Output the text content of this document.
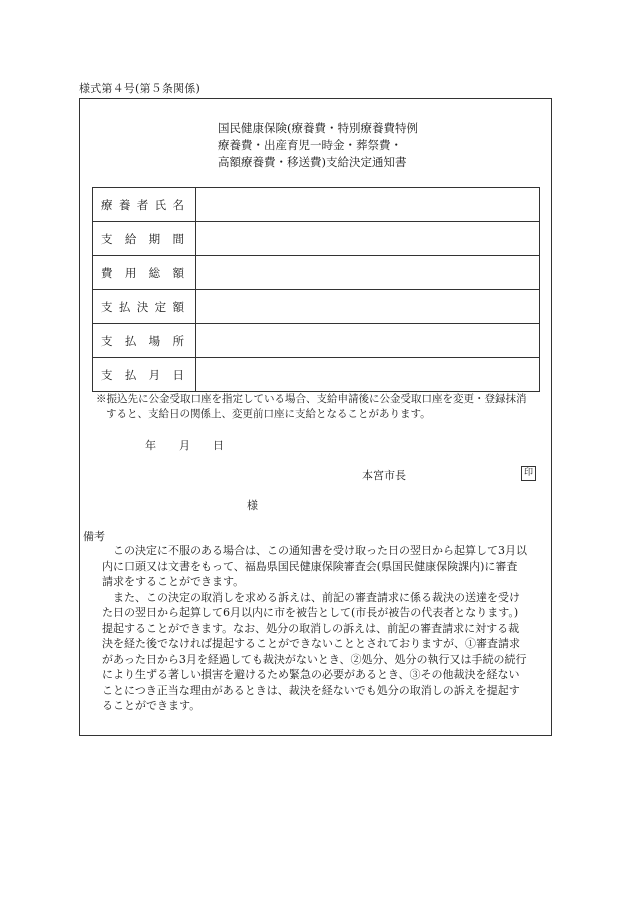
様式第４号(第５条関係)
国民健康保険(療養費・特別療養費特例
療養費・出産育児一時金・葬祭費・
高額療養費・移送費)支給決定通知書
療養者氏名	
支給期間	
費用総額	
支払決定額	
支払場所	
支払月日	
※振込先に公金受取口座を指定している場合、支給申請後に公金受取口座を変更・登録抹消
すると、支給日の関係上、変更前口座に支給となることがあります。
年 月 日
本宮市長	印
様
備考

この決定に不服のある場合は、この通知書を受け取った日の翌日から起算して3月以
内に口頭又は文書をもって、福島県国民健康保険審査会(県国民健康保険課内)に審査
請求をすることができます。

また、この決定の取消しを求める訴えは、前記の審査請求に係る裁決の送達を受け
た日の翌日から起算して6月以内に市を被告として(市長が被告の代表者となります。)
提起することができます。なお、処分の取消しの訴えは、前記の審査請求に対する裁
決を経た後でなければ提起することができないこととされておりますが、①審査請求
があった日から3月を経過しても裁決がないとき、②処分、処分の執行又は手続の続行
により生ずる著しい損害を避けるため緊急の必要があるとき、③その他裁決を経ない
ことにつき正当な理由があるときは、裁決を経ないでも処分の取消しの訴えを提起す
ることができます。
